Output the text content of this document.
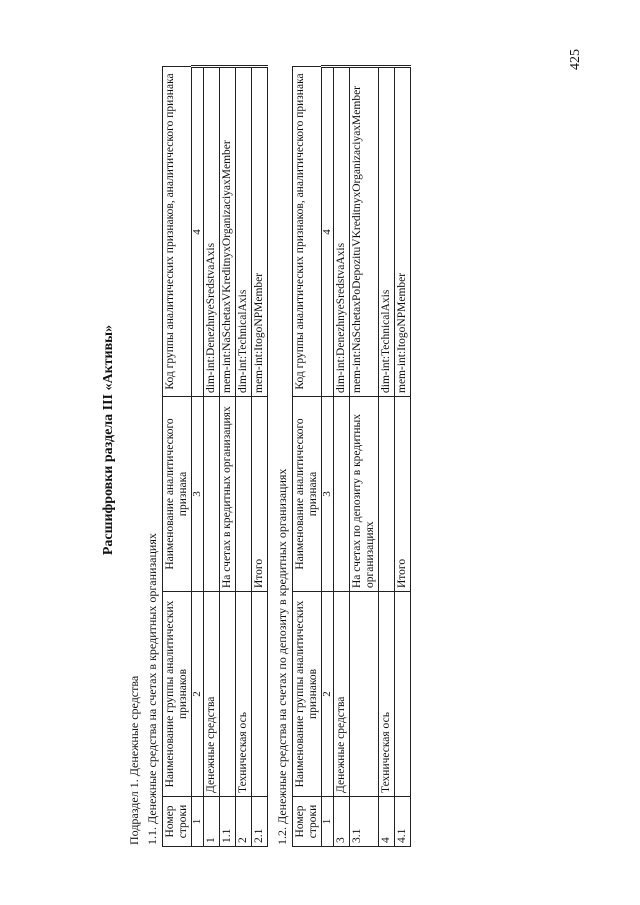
425
Расшифровки раздела III «Активы»
Подраздел 1. Денежные средства 1.1. Денежные средства на счетах в кредитных организациях Номер строки	Наименование группы аналитических признаков	Наименование аналитического признака	Код группы аналитических признаков, аналитического признака
1	2	3	4
1	Денежные средства		dim-int:DenezhnyeSredstvaAxis
1.1		На счетах в кредитных организациях	mem-int:NaSchetaxVKreditnyxOrganizaciyaxMember
2	Техническая ось		dim-int:TechnicalAxis
2.1		Итого	mem-int:ItogoNPMember
1.2. Денежные средства на счетах по депозиту в кредитных организациях Номер строки	Наименование группы аналитических признаков	Наименование аналитического признака	Код группы аналитических признаков, аналитического признака
1	2	3	4
3	Денежные средства		dim-int:DenezhnyeSredstvaAxis
3.1		На счетах по депозиту в кредитных организациях	mem-int:NaSchetaxPoDepozituVKreditnyxOrganizaciyaxMember
4	Техническая ось		dim-int:TechnicalAxis
4.1		Итого	mem-int:ItogoNPMember
